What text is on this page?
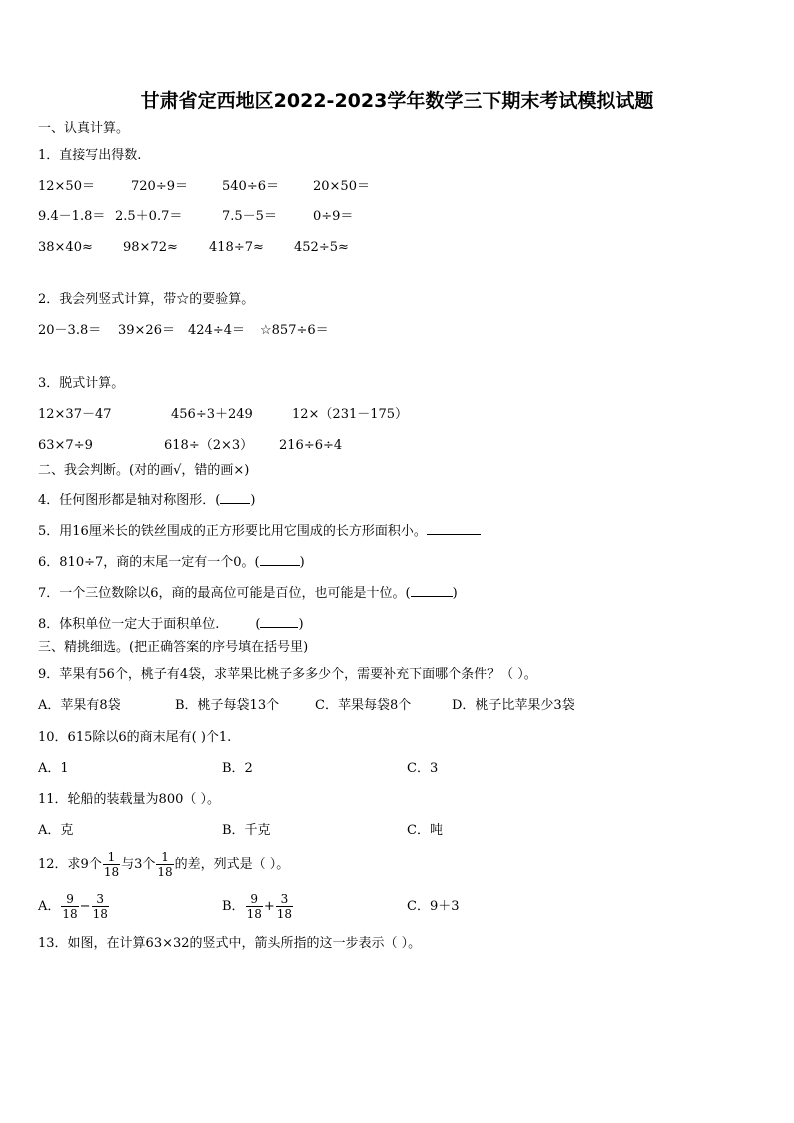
甘肃省定西地区2022-2023学年数学三下期末考试模拟试题
一、认真计算。
1．直接写出得数.
12×50＝	720÷9＝	540÷6＝	20×50＝
9.4－1.8＝ 2.5＋0.7＝	7.5－5＝	0÷9＝
38×40≈ 98×72≈ 418÷7≈ 452÷5≈
2．我会列竖式计算，带☆的要验算。
20－3.8＝ 39×26＝ 424÷4＝ ☆857÷6＝
3．脱式计算。
12×37－47	456÷3＋249	12×（231－175）
63×7÷9	618÷（2×3） 216÷6÷4
二、我会判断。(对的画√，错的画×)
4．任何图形都是轴对称图形．( )
5．用16厘米长的铁丝围成的正方形要比用它围成的长方形面积小。
6．810÷7，商的末尾一定有一个0。(	)
7．一个三位数除以6，商的最高位可能是百位，也可能是十位。(	)
8．体积单位一定大于面积单位.	(	)
三、精挑细选。(把正确答案的序号填在括号里)
9．苹果有56个，桃子有4袋，求苹果比桃子多多少个，需要补充下面哪个条件？（ ）。
A．苹果有8袋	B．桃子每袋13个	C．苹果每袋8个	D．桃子比苹果少3袋
10．615除以6的商末尾有( )个1.
A．1	B．2	C．3
11．轮船的装载量为800（ ）。
A．克	B．千克	C．吨
12．求9个 $\frac{1}{18}$ 与3个 $\frac{1}{18}$ 的差，列式是（ ）。
A． $\frac{9}{18} - \frac{3}{18}$	B． $\frac{9}{18} + \frac{3}{18}$	C．9＋3
13．如图，在计算63×32的竖式中，箭头所指的这一步表示（ ）。
